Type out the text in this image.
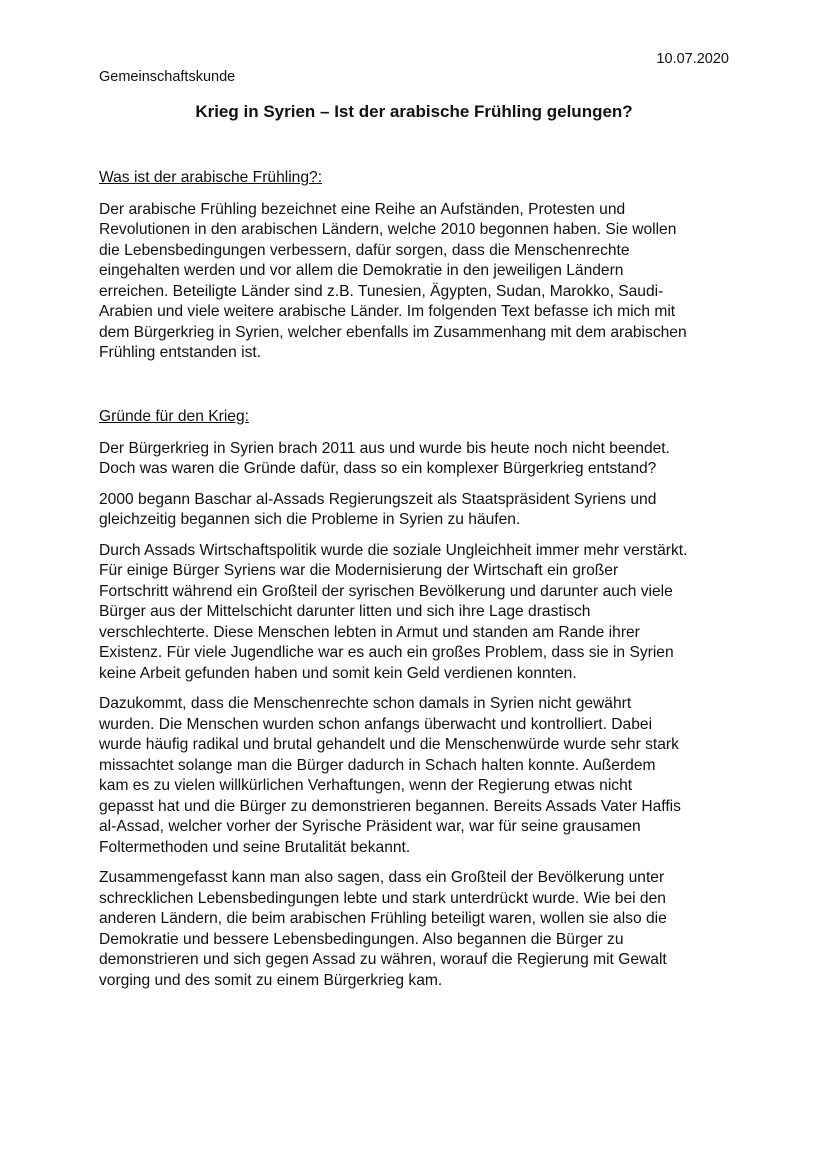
10.07.2020
Gemeinschaftskunde
Krieg in Syrien – Ist der arabische Frühling gelungen?
Was ist der arabische Frühling?:

Der arabische Frühling bezeichnet eine Reihe an Aufständen, Protesten und
Revolutionen in den arabischen Ländern, welche 2010 begonnen haben. Sie wollen
die Lebensbedingungen verbessern, dafür sorgen, dass die Menschenrechte
eingehalten werden und vor allem die Demokratie in den jeweiligen Ländern
erreichen. Beteiligte Länder sind z.B. Tunesien, Ägypten, Sudan, Marokko, Saudi-
Arabien und viele weitere arabische Länder. Im folgenden Text befasse ich mich mit
dem Bürgerkrieg in Syrien, welcher ebenfalls im Zusammenhang mit dem arabischen
Frühling entstanden ist.

Gründe für den Krieg:

Der Bürgerkrieg in Syrien brach 2011 aus und wurde bis heute noch nicht beendet.
Doch was waren die Gründe dafür, dass so ein komplexer Bürgerkrieg entstand?

2000 begann Baschar al-Assads Regierungszeit als Staatspräsident Syriens und
gleichzeitig begannen sich die Probleme in Syrien zu häufen.

Durch Assads Wirtschaftspolitik wurde die soziale Ungleichheit immer mehr verstärkt.
Für einige Bürger Syriens war die Modernisierung der Wirtschaft ein großer
Fortschritt während ein Großteil der syrischen Bevölkerung und darunter auch viele
Bürger aus der Mittelschicht darunter litten und sich ihre Lage drastisch
verschlechterte. Diese Menschen lebten in Armut und standen am Rande ihrer
Existenz. Für viele Jugendliche war es auch ein großes Problem, dass sie in Syrien
keine Arbeit gefunden haben und somit kein Geld verdienen konnten.

Dazukommt, dass die Menschenrechte schon damals in Syrien nicht gewährt
wurden. Die Menschen wurden schon anfangs überwacht und kontrolliert. Dabei
wurde häufig radikal und brutal gehandelt und die Menschenwürde wurde sehr stark
missachtet solange man die Bürger dadurch in Schach halten konnte. Außerdem
kam es zu vielen willkürlichen Verhaftungen, wenn der Regierung etwas nicht
gepasst hat und die Bürger zu demonstrieren begannen. Bereits Assads Vater Haffis
al-Assad, welcher vorher der Syrische Präsident war, war für seine grausamen
Foltermethoden und seine Brutalität bekannt.

Zusammengefasst kann man also sagen, dass ein Großteil der Bevölkerung unter
schrecklichen Lebensbedingungen lebte und stark unterdrückt wurde. Wie bei den
anderen Ländern, die beim arabischen Frühling beteiligt waren, wollen sie also die
Demokratie und bessere Lebensbedingungen. Also begannen die Bürger zu
demonstrieren und sich gegen Assad zu währen, worauf die Regierung mit Gewalt
vorging und des somit zu einem Bürgerkrieg kam.
